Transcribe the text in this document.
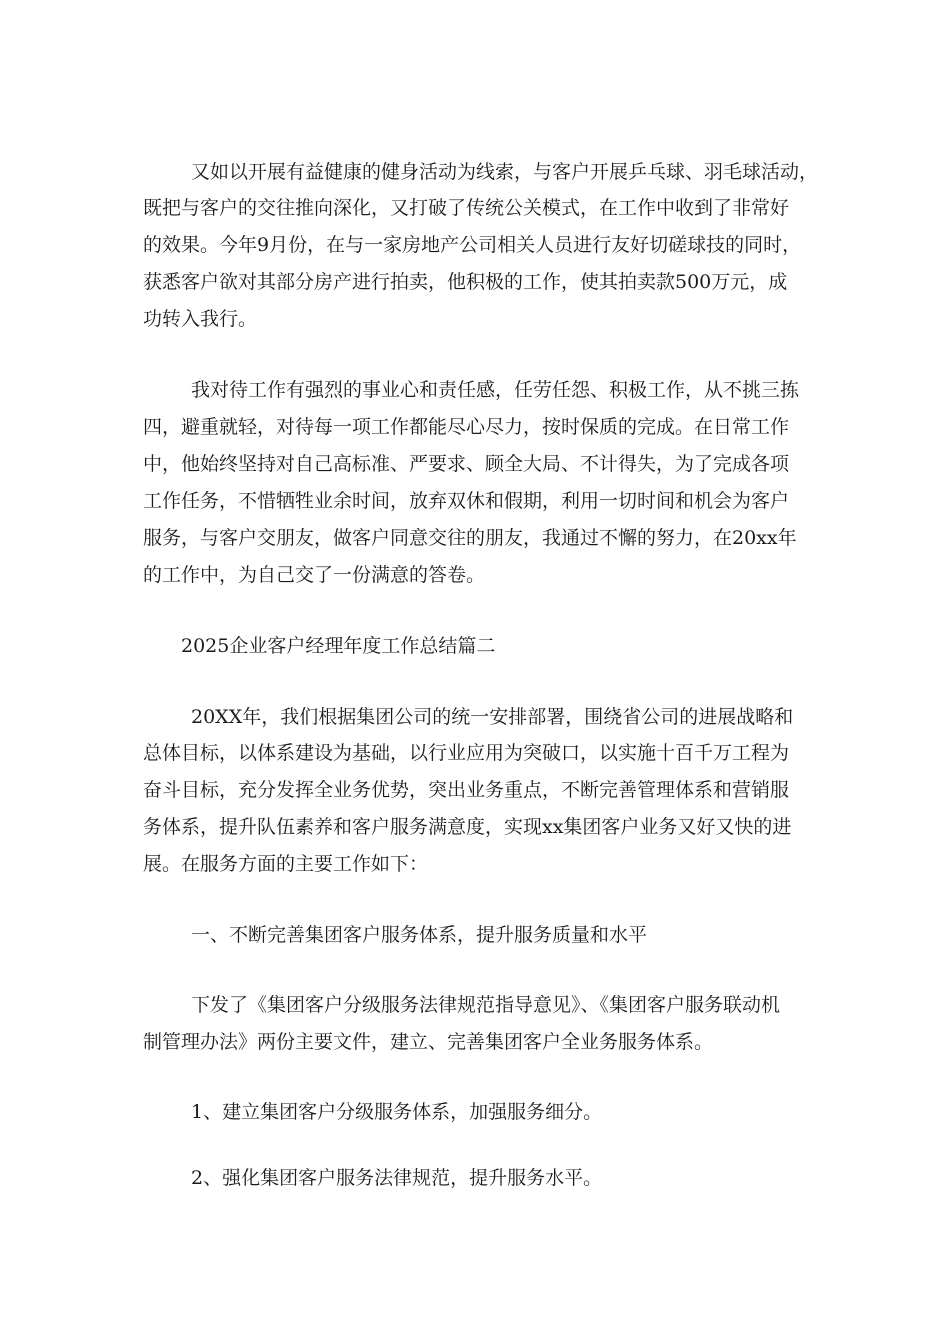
又如以开展有益健康的健身活动为线索，与客户开展乒乓球、羽毛球活动，
既把与客户的交往推向深化，又打破了传统公关模式，在工作中收到了非常好
的效果。今年9月份，在与一家房地产公司相关人员进行友好切磋球技的同时，
获悉客户欲对其部分房产进行拍卖，他积极的工作，使其拍卖款500万元，成
功转入我行。
我对待工作有强烈的事业心和责任感，任劳任怨、积极工作，从不挑三拣
四，避重就轻，对待每一项工作都能尽心尽力，按时保质的完成。在日常工作
中，他始终坚持对自己高标准、严要求、顾全大局、不计得失，为了完成各项
工作任务，不惜牺牲业余时间，放弃双休和假期，利用一切时间和机会为客户
服务，与客户交朋友，做客户同意交往的朋友，我通过不懈的努力，在20xx年
的工作中，为自己交了一份满意的答卷。
2025企业客户经理年度工作总结篇二
20XX年，我们根据集团公司的统一安排部署，围绕省公司的进展战略和
总体目标，以体系建设为基础，以行业应用为突破口，以实施十百千万工程为
奋斗目标，充分发挥全业务优势，突出业务重点，不断完善管理体系和营销服
务体系，提升队伍素养和客户服务满意度，实现xx集团客户业务又好又快的进
展。在服务方面的主要工作如下：
一、不断完善集团客户服务体系，提升服务质量和水平
下发了《集团客户分级服务法律规范指导意见》、《集团客户服务联动机
制管理办法》两份主要文件，建立、完善集团客户全业务服务体系。
1、建立集团客户分级服务体系，加强服务细分。
2、强化集团客户服务法律规范，提升服务水平。
